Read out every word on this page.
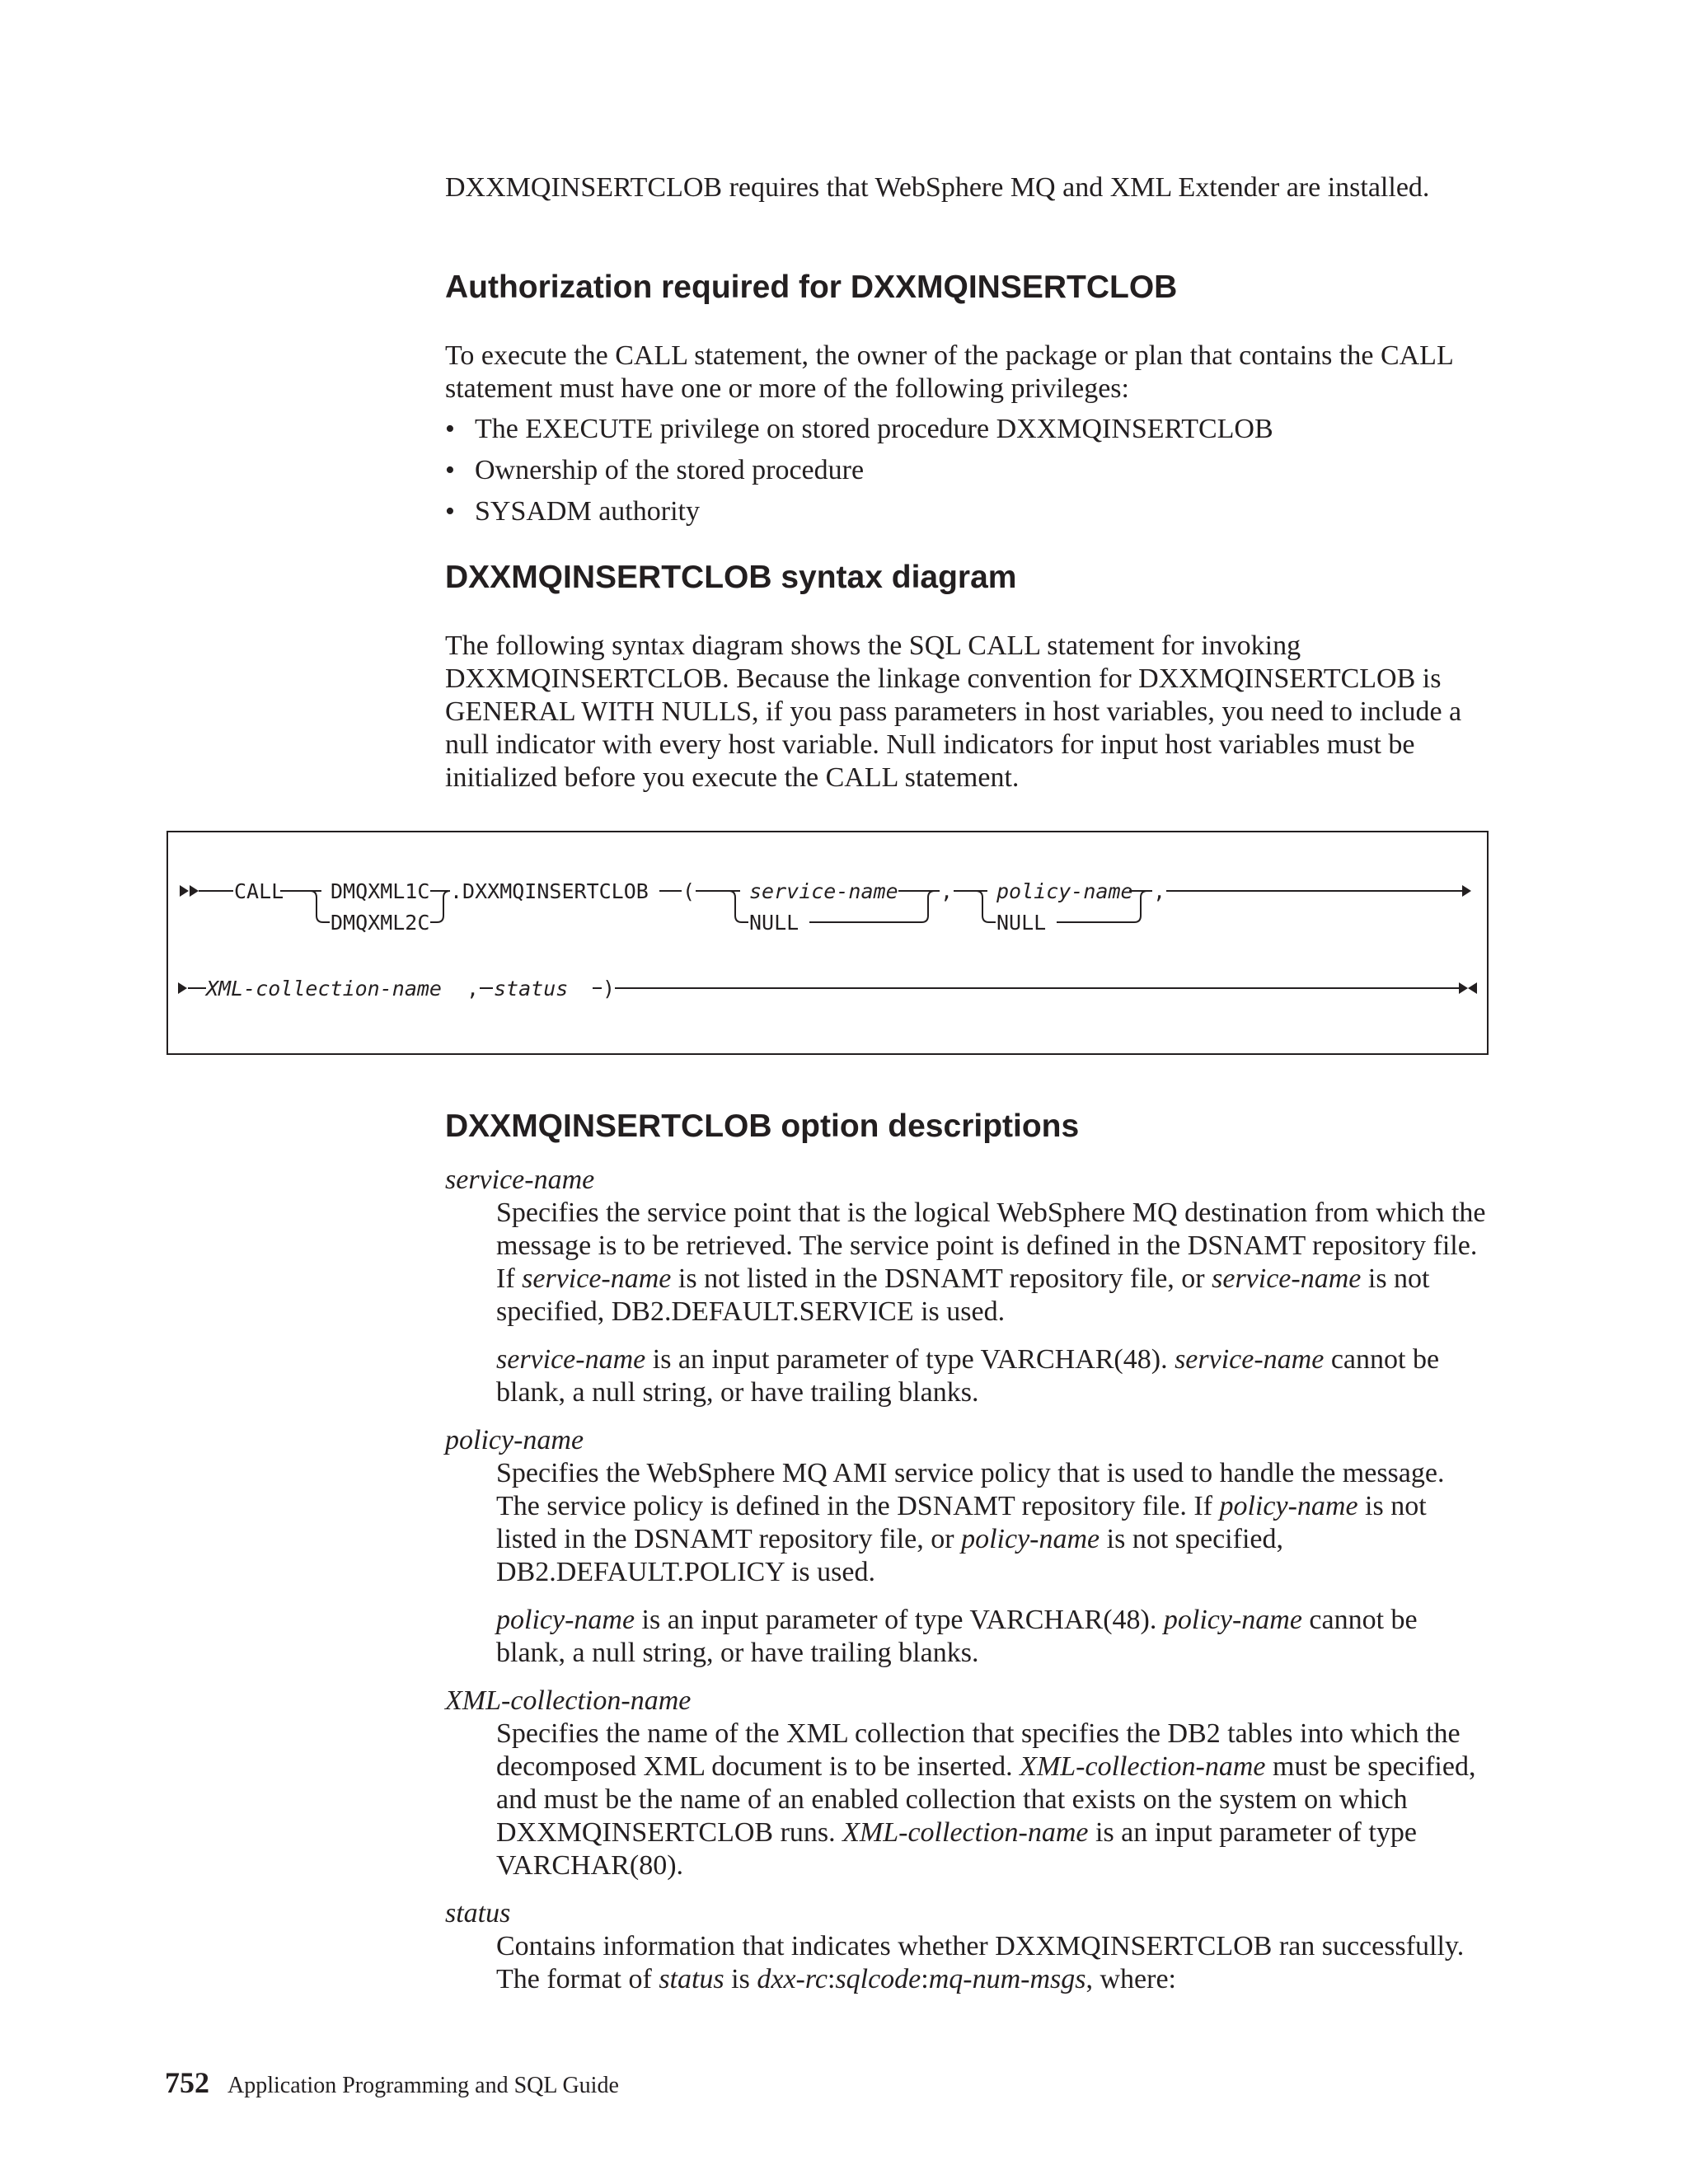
DXXMQINSERTCLOB requires that WebSphere MQ and XML Extender are installed.

Authorization required for DXXMQINSERTCLOB

To execute the CALL statement, the owner of the package or plan that contains the CALL statement must have one or more of the following privileges:

• The EXECUTE privilege on stored procedure DXXMQINSERTCLOB
• Ownership of the stored procedure
• SYSADM authority
DXXMQINSERTCLOB syntax diagram

The following syntax diagram shows the SQL CALL statement for invoking DXXMQINSERTCLOB. Because the linkage convention for DXXMQINSERTCLOB is GENERAL WITH NULLS, if you pass parameters in host variables, you need to include a null indicator with every host variable. Null indicators for input host variables must be initialized before you execute the CALL statement.

CALL DMQXML1C
DMQXML2C
.DXXMQINSERTCLOB (	service-name
NULL
, policy-name
NULL
,
XML-collection-name , status )
DXXMQINSERTCLOB option descriptions
service-name

Specifies the service point that is the logical WebSphere MQ destination from which the message is to be retrieved. The service point is defined in the DSNAMT repository file. If service-name is not listed in the DSNAMT repository file, or service-name is not specified, DB2.DEFAULT.SERVICE is used.

service-name is an input parameter of type VARCHAR(48). service-name cannot be blank, a null string, or have trailing blanks.

policy-name

Specifies the WebSphere MQ AMI service policy that is used to handle the message. The service policy is defined in the DSNAMT repository file. If policy-name is not listed in the DSNAMT repository file, or policy-name is not specified, DB2.DEFAULT.POLICY is used.

policy-name is an input parameter of type VARCHAR(48). policy-name cannot be blank, a null string, or have trailing blanks.

XML-collection-name

Specifies the name of the XML collection that specifies the DB2 tables into which the decomposed XML document is to be inserted. XML-collection-name must be specified, and must be the name of an enabled collection that exists on the system on which DXXMQINSERTCLOB runs. XML-collection-name is an input parameter of type VARCHAR(80).

status

Contains information that indicates whether DXXMQINSERTCLOB ran successfully. The format of status is dxx-rc:sqlcode:mq-num-msgs, where:

752 Application Programming and SQL Guide
